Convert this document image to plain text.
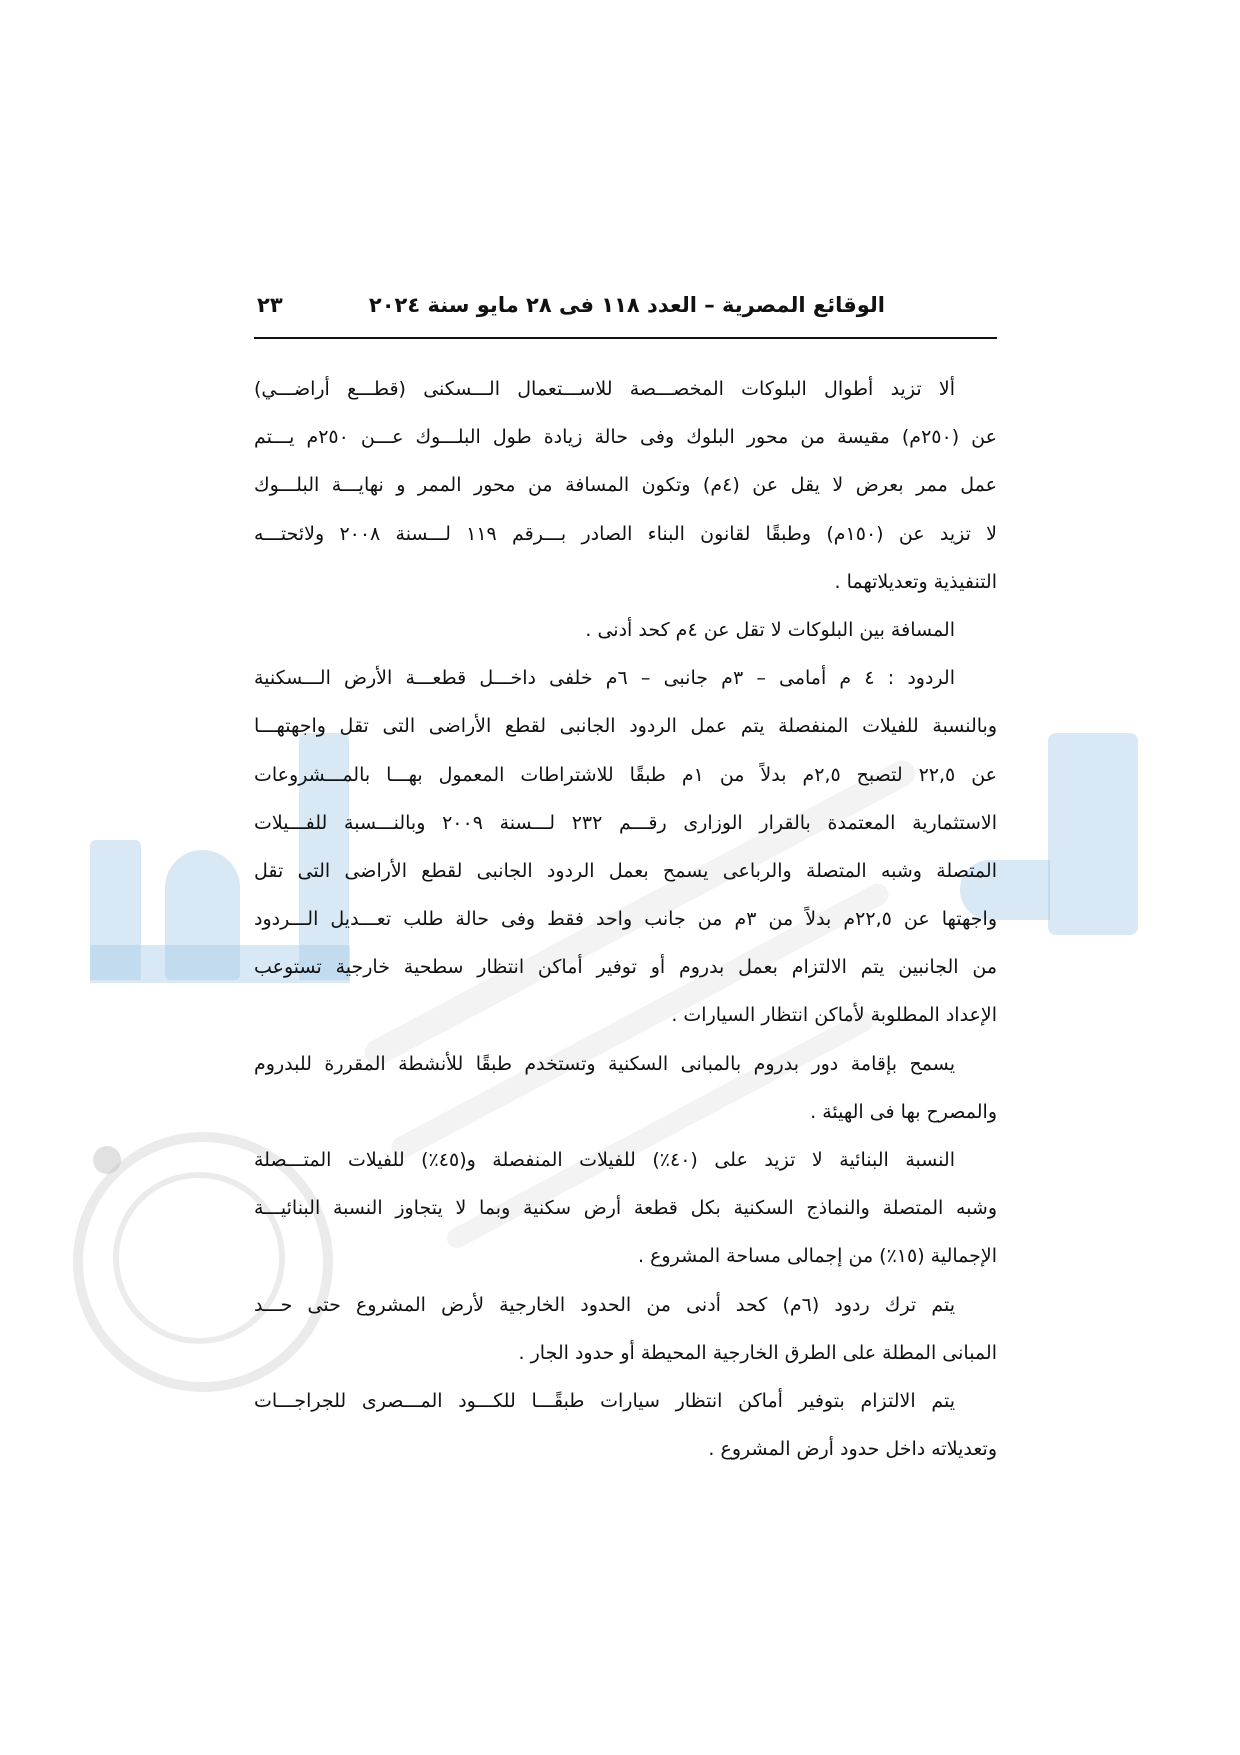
الوقائع المصرية – العدد ١١٨ فى ٢٨ مايو سنة ٢٠٢٤
٢٣
ألا تزيد أطوال البلوكات المخصـــصة للاســـتعمال الـــسكنى (قطـــع أراضـــي)
عن (٢٥٠م) مقيسة من محور البلوك وفى حالة زيادة طول البلـــوك عـــن ٢٥٠م يـــتم
عمل ممر بعرض لا يقل عن (٤م) وتكون المسافة من محور الممر و نهايـــة البلـــوك
لا تزيد عن (١٥٠م) وطبقًا لقانون البناء الصادر بـــرقم ١١٩ لـــسنة ٢٠٠٨ ولائحتـــه
التنفيذية وتعديلاتهما .
المسافة بين البلوكات لا تقل عن ٤م كحد أدنى .
الردود : ٤ م أمامى – ٣م جانبى – ٦م خلفى داخـــل قطعـــة الأرض الـــسكنية
وبالنسبة للفيلات المنفصلة يتم عمل الردود الجانبى لقطع الأراضى التى تقل واجهتهـــا
عن ٢٢,٥ لتصبح ٢,٥م بدلاً من ١م طبقًا للاشتراطات المعمول بهـــا بالمـــشروعات
الاستثمارية المعتمدة بالقرار الوزارى رقـــم ٢٣٢ لـــسنة ٢٠٠٩ وبالنـــسبة للفـــيلات
المتصلة وشبه المتصلة والرباعى يسمح بعمل الردود الجانبى لقطع الأراضى التى تقل
واجهتها عن ٢٢,٥م بدلاً من ٣م من جانب واحد فقط وفى حالة طلب تعـــديل الـــردود
من الجانبين يتم الالتزام بعمل بدروم أو توفير أماكن انتظار سطحية خارجية تستوعب
الإعداد المطلوبة لأماكن انتظار السيارات .
يسمح بإقامة دور بدروم بالمبانى السكنية وتستخدم طبقًا للأنشطة المقررة للبدروم
والمصرح بها فى الهيئة .
النسبة البنائية لا تزيد على (٤٠٪) للفيلات المنفصلة و(٤٥٪) للفيلات المتـــصلة
وشبه المتصلة والنماذج السكنية بكل قطعة أرض سكنية وبما لا يتجاوز النسبة البنائيـــة
الإجمالية (١٥٪) من إجمالى مساحة المشروع .
يتم ترك ردود (٦م) كحد أدنى من الحدود الخارجية لأرض المشروع حتى حـــد
المبانى المطلة على الطرق الخارجية المحيطة أو حدود الجار .
يتم الالتزام بتوفير أماكن انتظار سيارات طبقًـــا للكـــود المـــصرى للجراجـــات
وتعديلاته داخل حدود أرض المشروع .
